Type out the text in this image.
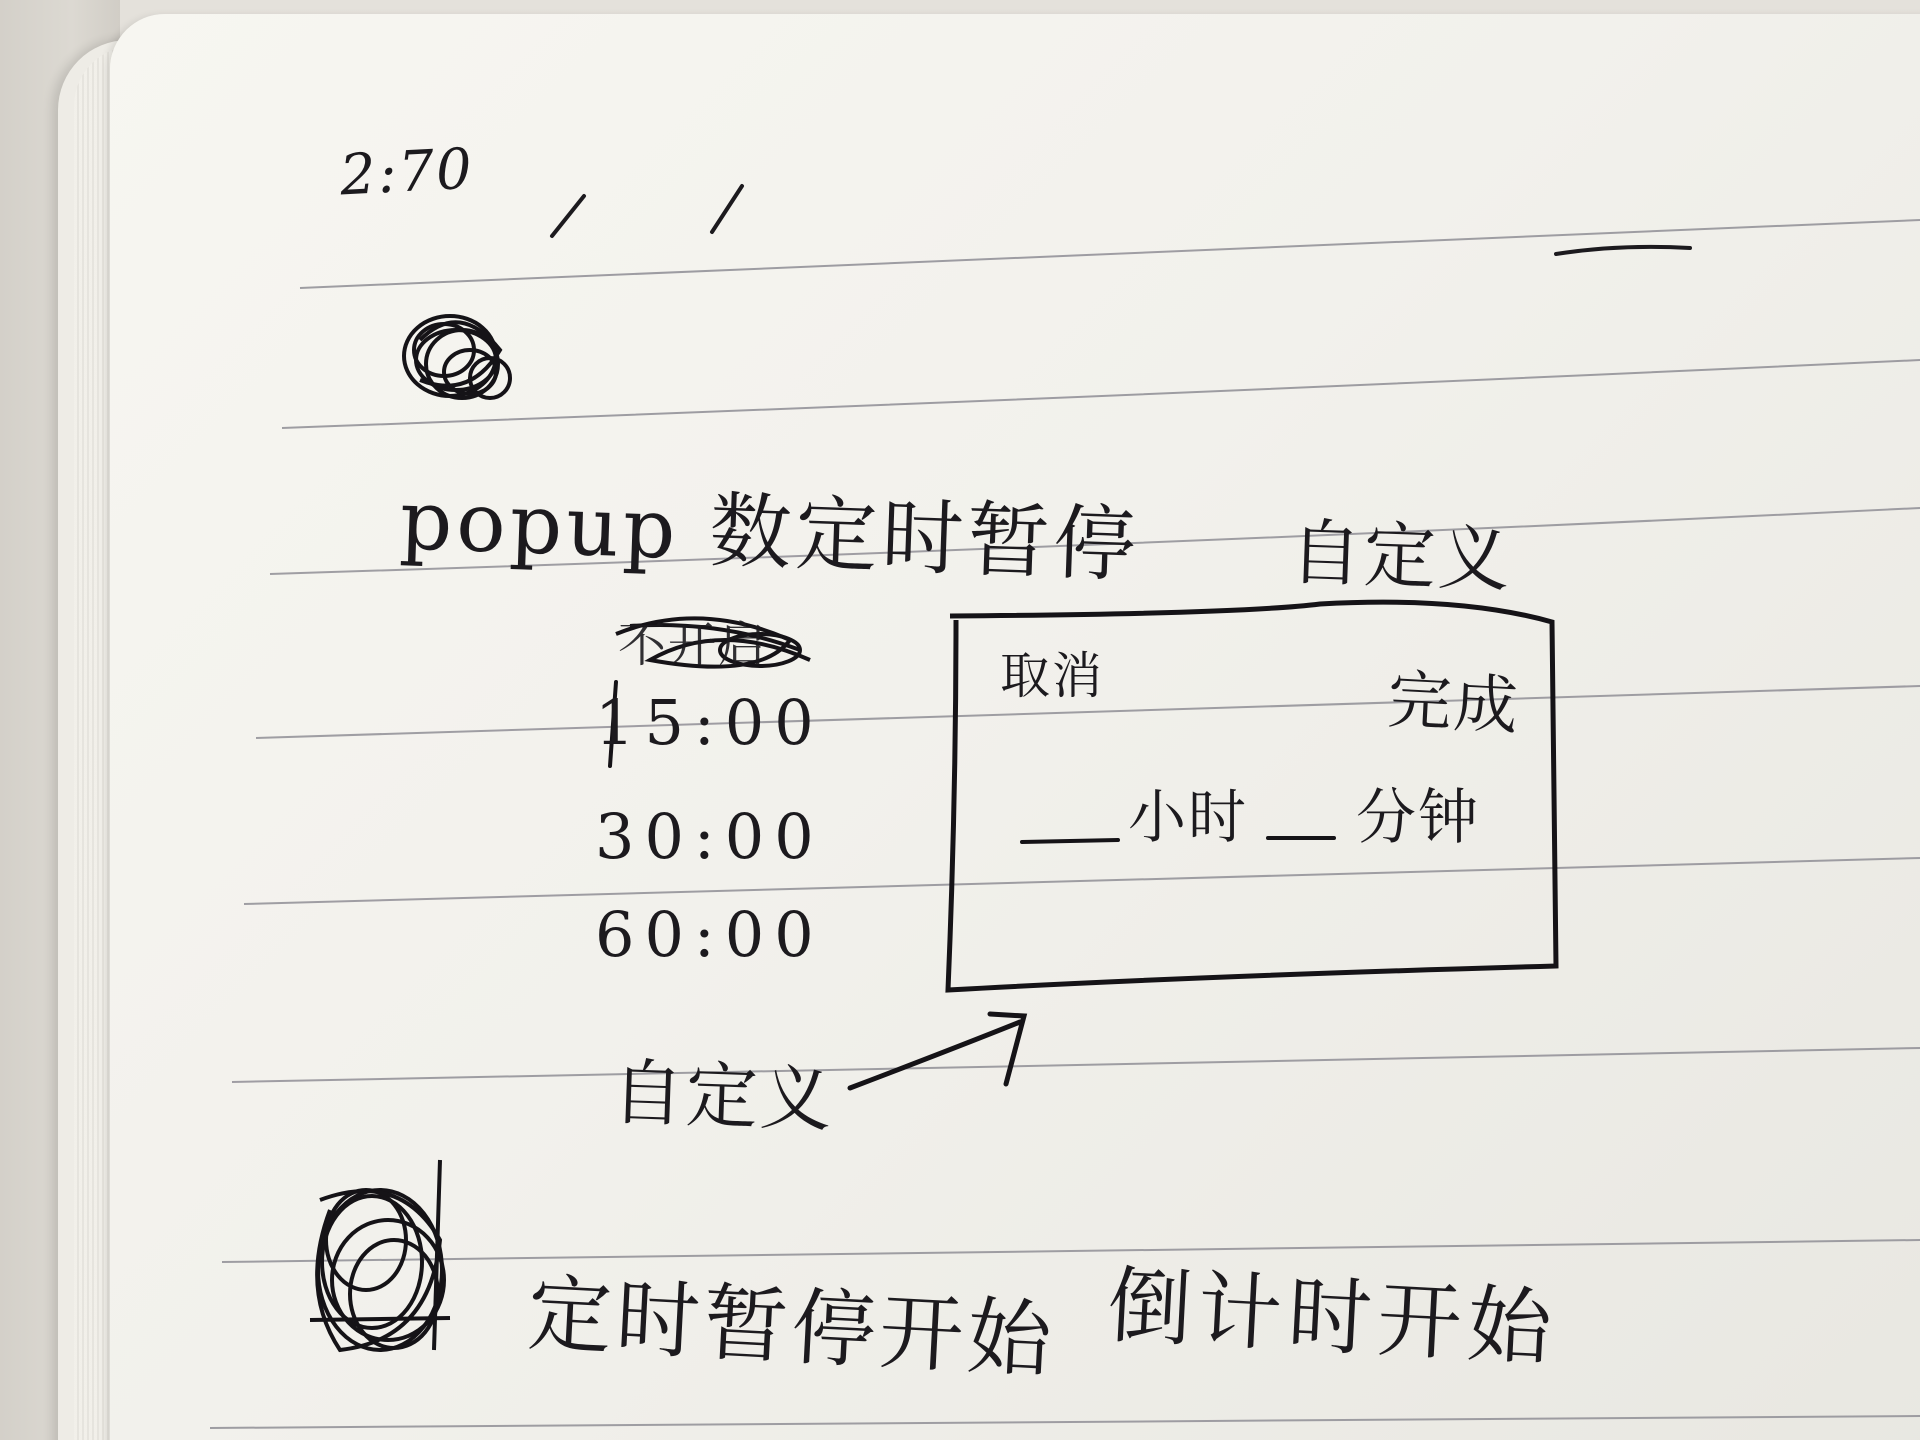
2:70
popup 数定时暂停 自定义
不开启
15:00
30:00
60:00
自定义
取消	完成
小时 分钟
定时暂停开始 倒计时开始
